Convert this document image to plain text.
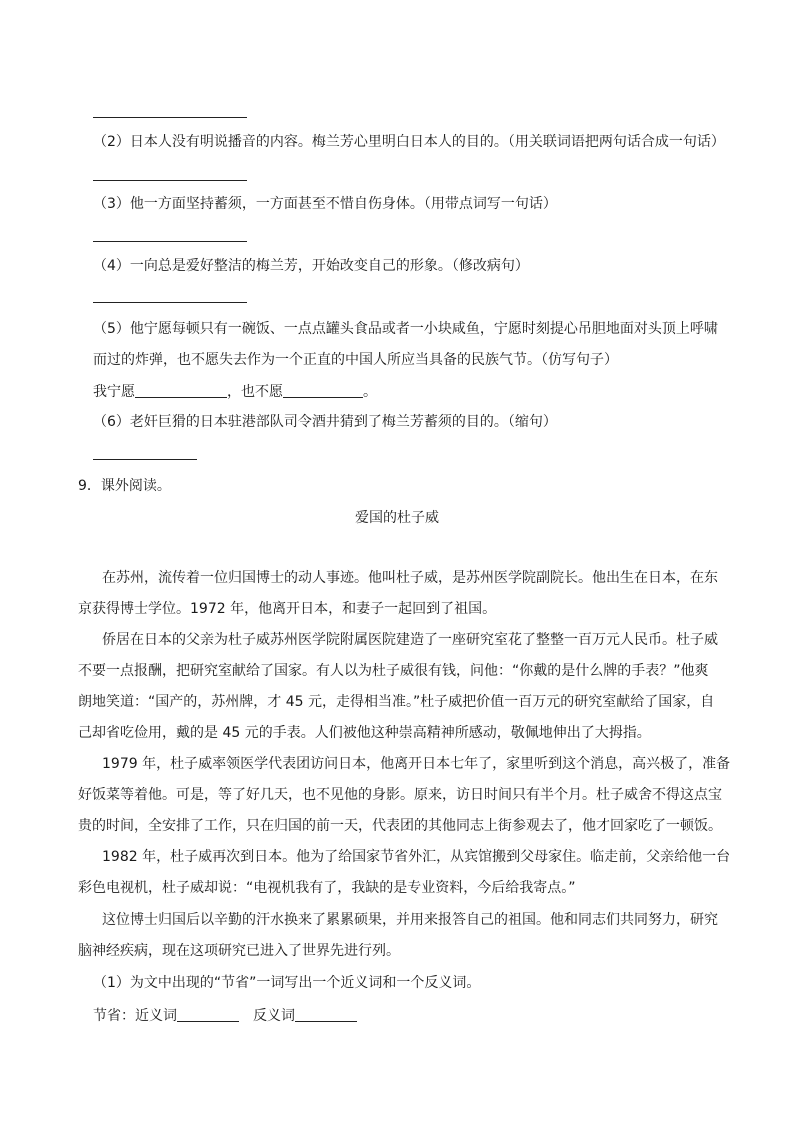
（2）日本人没有明说播音的内容。梅兰芳心里明白日本人的目的。（用关联词语把两句话合成一句话）
（3）他一方面坚持蓄须，一方面甚至不惜自伤身体。（用带点词写一句话）
（4）一向总是爱好整洁的梅兰芳，开始改变自己的形象。（修改病句）
（5）他宁愿每顿只有一碗饭、一点点罐头食品或者一小块咸鱼，宁愿时刻提心吊胆地面对头顶上呼啸
而过的炸弹，也不愿失去作为一个正直的中国人所应当具备的民族气节。（仿写句子）
我宁愿	，也不愿	。
（6）老奸巨猾的日本驻港部队司令酒井猜到了梅兰芳蓄须的目的。（缩句）
9．课外阅读。
爱国的杜子威
在苏州，流传着一位归国博士的动人事迹。他叫杜子威，是苏州医学院副院长。他出生在日本，在东
京获得博士学位。1972 年，他离开日本，和妻子一起回到了祖国。
侨居在日本的父亲为杜子威苏州医学院附属医院建造了一座研究室花了整整一百万元人民币。杜子威
不要一点报酬，把研究室献给了国家。有人以为杜子威很有钱，问他：“你戴的是什么牌的手表？”他爽
朗地笑道：“国产的，苏州牌，才 45 元，走得相当准。”杜子威把价值一百万元的研究室献给了国家，自
己却省吃俭用，戴的是 45 元的手表。人们被他这种崇高精神所感动，敬佩地伸出了大拇指。
1979 年，杜子威率领医学代表团访问日本，他离开日本七年了，家里听到这个消息，高兴极了，准备
好饭菜等着他。可是，等了好几天，也不见他的身影。原来，访日时间只有半个月。杜子威舍不得这点宝
贵的时间，全安排了工作，只在归国的前一天，代表团的其他同志上街参观去了，他才回家吃了一顿饭。
1982 年，杜子威再次到日本。他为了给国家节省外汇，从宾馆搬到父母家住。临走前，父亲给他一台
彩色电视机，杜子威却说：“电视机我有了，我缺的是专业资料，今后给我寄点。”
这位博士归国后以辛勤的汗水换来了累累硕果，并用来报答自己的祖国。他和同志们共同努力，研究
脑神经疾病，现在这项研究已进入了世界先进行列。
（1）为文中出现的“节省”一词写出一个近义词和一个反义词。
节省：近义词	反义词
